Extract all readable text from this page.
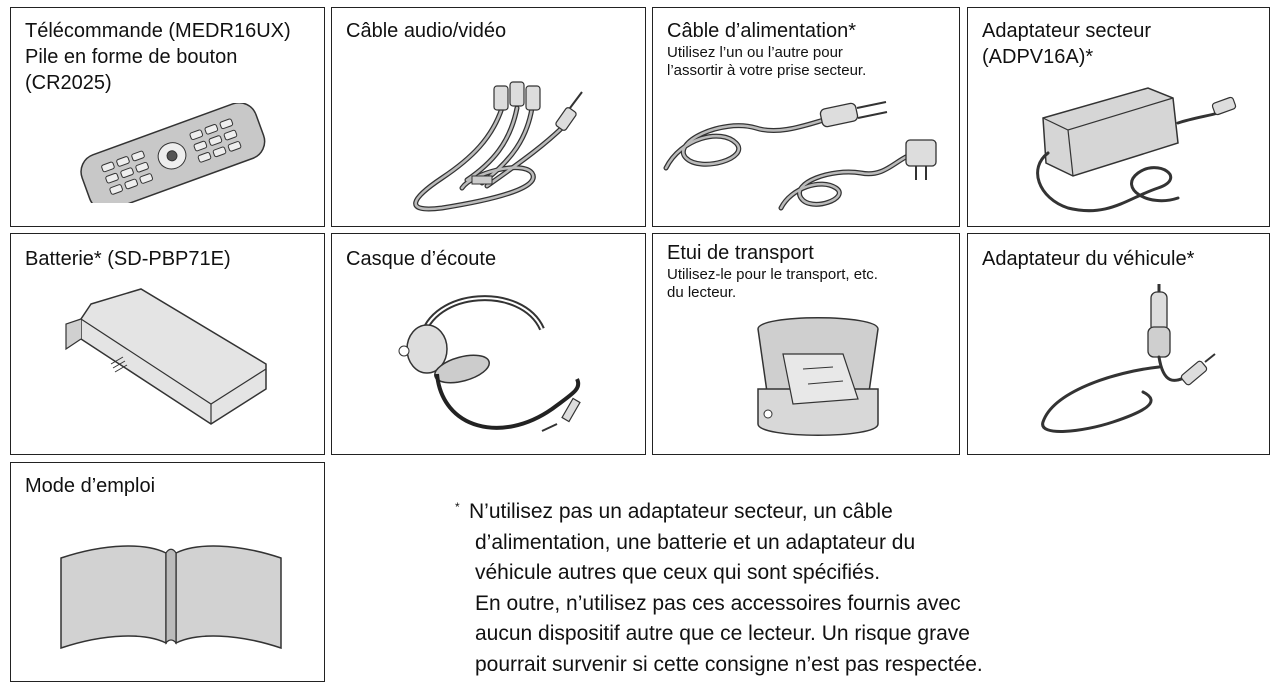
Télécommande (MEDR16UX)
Pile en forme de bouton
(CR2025)
Câble audio/vidéo	Câble d’alimentation*
Utilisez l’un ou l’autre pour
l’assortir à votre prise secteur.
Adaptateur secteur
(ADPV16A)*
Batterie* (SD-PBP71E)	Casque d’écoute	Etui de transport
Utilisez-le pour le transport, etc.
du lecteur.
Adaptateur du véhicule*
Mode d’emploi
* N’utilisez pas un adaptateur secteur, un câble
d’alimentation, une batterie et un adaptateur du
véhicule autres que ceux qui sont spécifiés.
En outre, n’utilisez pas ces accessoires fournis avec
aucun dispositif autre que ce lecteur. Un risque grave
pourrait survenir si cette consigne n’est pas respectée.
